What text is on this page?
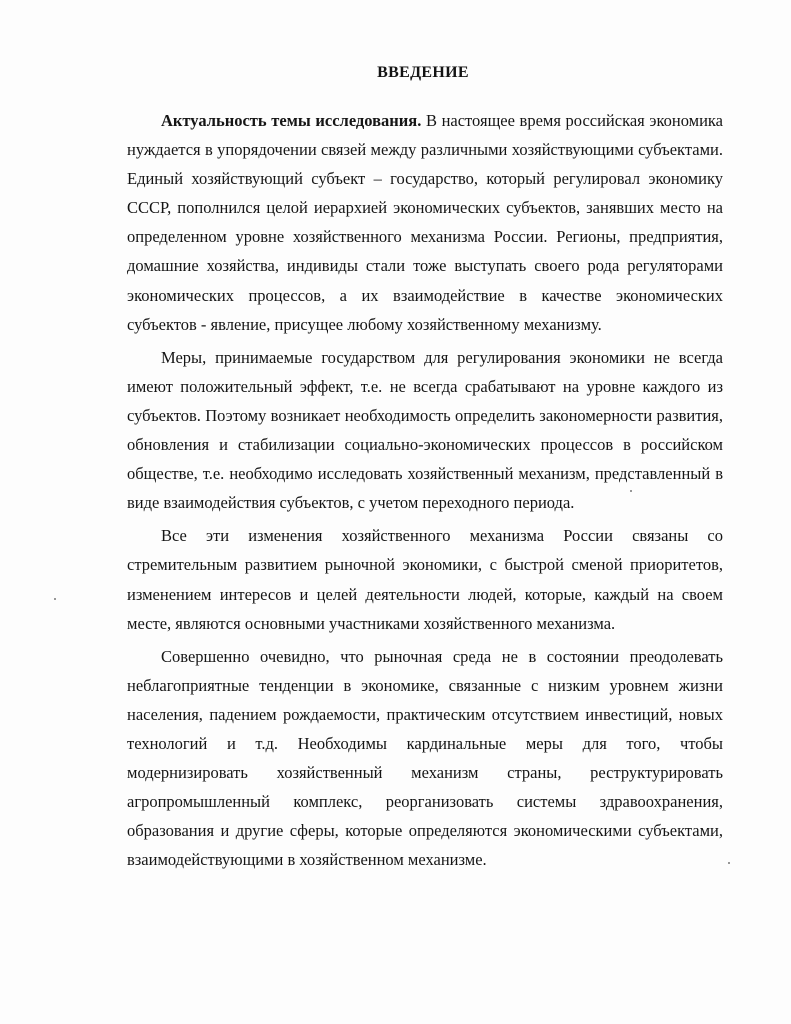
ВВЕДЕНИЕ

Актуальность темы исследования. В настоящее время российская экономика нуждается в упорядочении связей между различными хозяйствующими субъектами. Единый хозяйствующий субъект – государство, который регулировал экономику СССР, пополнился целой иерархией экономических субъектов, занявших место на определенном уровне хозяйственного механизма России. Регионы, предприятия, домашние хозяйства, индивиды стали тоже выступать своего рода регуляторами экономических процессов, а их взаимодействие в качестве экономических субъектов - явление, присущее любому хозяйственному механизму.

Меры, принимаемые государством для регулирования экономики не всегда имеют положительный эффект, т.е. не всегда срабатывают на уровне каждого из субъектов. Поэтому возникает необходимость определить закономерности развития, обновления и стабилизации социально-экономических процессов в российском обществе, т.е. необходимо исследовать хозяйственный механизм, представленный в виде взаимодействия субъектов, с учетом переходного периода.

Все эти изменения хозяйственного механизма России связаны со стремительным развитием рыночной экономики, с быстрой сменой приоритетов, изменением интересов и целей деятельности людей, которые, каждый на своем месте, являются основными участниками хозяйственного механизма.

Совершенно очевидно, что рыночная среда не в состоянии преодолевать неблагоприятные тенденции в экономике, связанные с низким уровнем жизни населения, падением рождаемости, практическим отсутствием инвестиций, новых технологий и т.д. Необходимы кардинальные меры для того, чтобы модернизировать хозяйственный механизм страны, реструктурировать агропромышленный комплекс, реорганизовать системы здравоохранения, образования и другие сферы, которые определяются экономическими субъектами, взаимодействующими в хозяйственном механизме.
